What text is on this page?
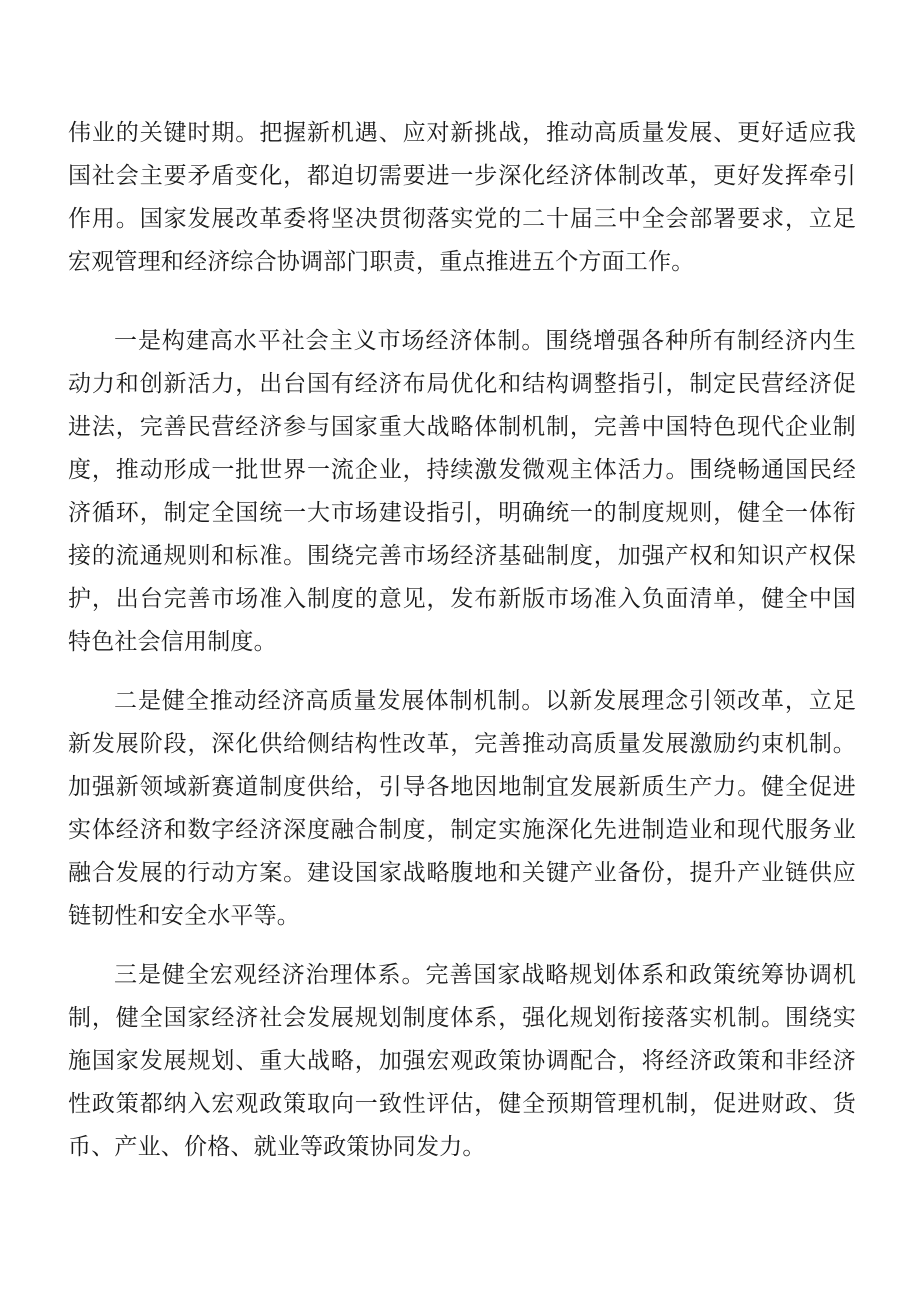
伟业的关键时期。把握新机遇、应对新挑战，推动高质量发展、更好适应我国社会主要矛盾变化，都迫切需要进一步深化经济体制改革，更好发挥牵引作用。国家发展改革委将坚决贯彻落实党的二十届三中全会部署要求，立足宏观管理和经济综合协调部门职责，重点推进五个方面工作。

一是构建高水平社会主义市场经济体制。围绕增强各种所有制经济内生动力和创新活力，出台国有经济布局优化和结构调整指引，制定民营经济促进法，完善民营经济参与国家重大战略体制机制，完善中国特色现代企业制度，推动形成一批世界一流企业，持续激发微观主体活力。围绕畅通国民经济循环，制定全国统一大市场建设指引，明确统一的制度规则，健全一体衔接的流通规则和标准。围绕完善市场经济基础制度，加强产权和知识产权保护，出台完善市场准入制度的意见，发布新版市场准入负面清单，健全中国特色社会信用制度。

二是健全推动经济高质量发展体制机制。以新发展理念引领改革，立足新发展阶段，深化供给侧结构性改革，完善推动高质量发展激励约束机制。加强新领域新赛道制度供给，引导各地因地制宜发展新质生产力。健全促进实体经济和数字经济深度融合制度，制定实施深化先进制造业和现代服务业融合发展的行动方案。建设国家战略腹地和关键产业备份，提升产业链供应链韧性和安全水平等。

三是健全宏观经济治理体系。完善国家战略规划体系和政策统筹协调机制，健全国家经济社会发展规划制度体系，强化规划衔接落实机制。围绕实施国家发展规划、重大战略，加强宏观政策协调配合，将经济政策和非经济性政策都纳入宏观政策取向一致性评估，健全预期管理机制，促进财政、货币、产业、价格、就业等政策协同发力。
